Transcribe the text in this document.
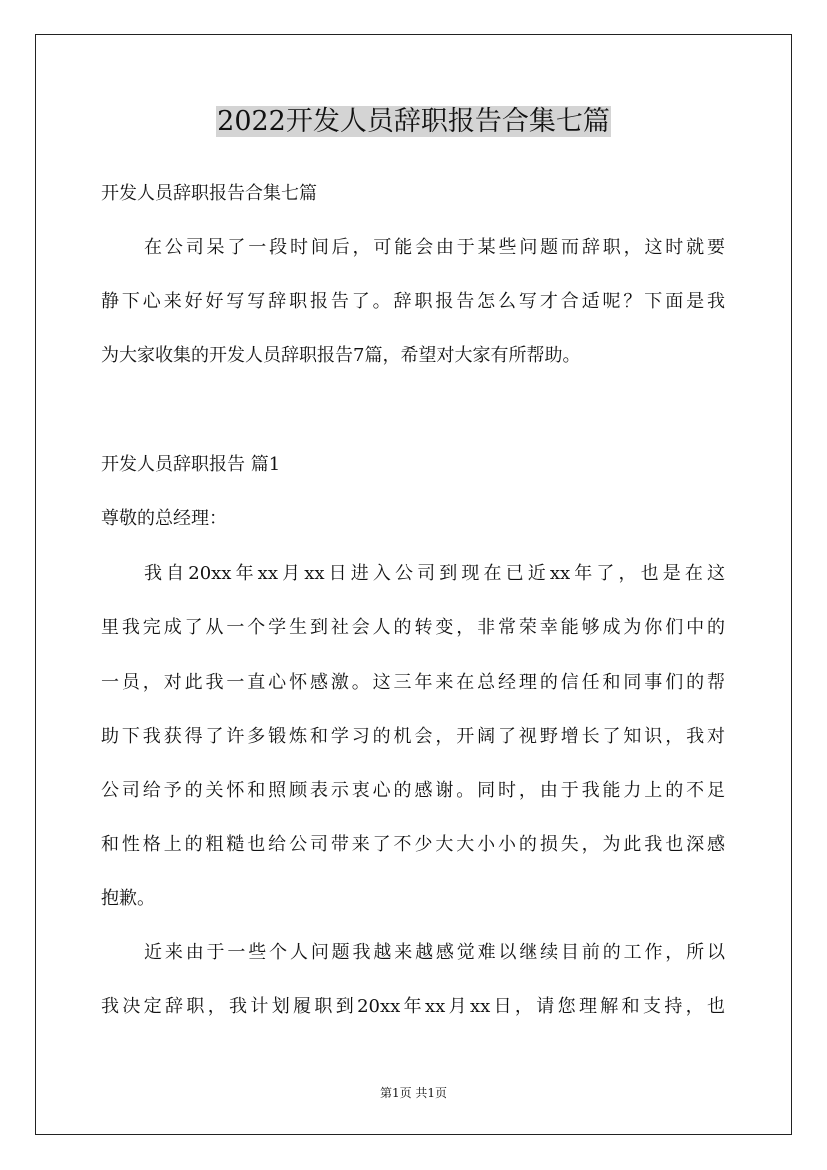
2022开发人员辞职报告合集七篇
开发人员辞职报告合集七篇
在公司呆了一段时间后，可能会由于某些问题而辞职，这时就要
静下心来好好写写辞职报告了。辞职报告怎么写才合适呢？下面是我
为大家收集的开发人员辞职报告7篇，希望对大家有所帮助。
开发人员辞职报告 篇1
尊敬的总经理：
我自20xx年xx月xx日进入公司到现在已近xx年了，也是在这
里我完成了从一个学生到社会人的转变，非常荣幸能够成为你们中的
一员，对此我一直心怀感激。这三年来在总经理的信任和同事们的帮
助下我获得了许多锻炼和学习的机会，开阔了视野增长了知识，我对
公司给予的关怀和照顾表示衷心的感谢。同时，由于我能力上的不足
和性格上的粗糙也给公司带来了不少大大小小的损失，为此我也深感
抱歉。
近来由于一些个人问题我越来越感觉难以继续目前的工作，所以
我决定辞职，我计划履职到20xx年xx月xx日，请您理解和支持，也
第1页 共1页
